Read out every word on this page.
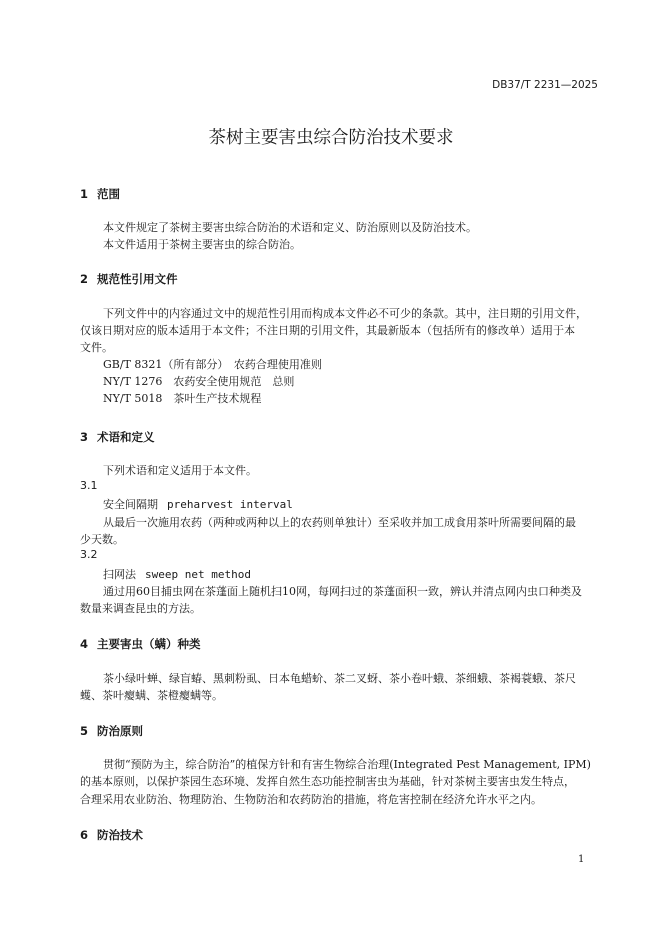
DB37/T 2231—2025
茶树主要害虫综合防治技术要求
1 范围
本文件规定了茶树主要害虫综合防治的术语和定义、防治原则以及防治技术。
本文件适用于茶树主要害虫的综合防治。
2 规范性引用文件
下列文件中的内容通过文中的规范性引用而构成本文件必不可少的条款。其中，注日期的引用文件，
仅该日期对应的版本适用于本文件；不注日期的引用文件，其最新版本（包括所有的修改单）适用于本
文件。
GB/T 8321（所有部分）　农药合理使用准则
NY/T 1276　农药安全使用规范　总则
NY/T 5018　茶叶生产技术规程
3 术语和定义
下列术语和定义适用于本文件。
3.1
安全间隔期 preharvest interval
从最后一次施用农药（两种或两种以上的农药则单独计）至采收并加工成食用茶叶所需要间隔的最
少天数。
3.2
扫网法 sweep net method
通过用60目捕虫网在茶蓬面上随机扫10网，每网扫过的茶蓬面积一致，辨认并清点网内虫口种类及
数量来调查昆虫的方法。
4 主要害虫（螨）种类
茶小绿叶蝉、绿盲蝽、黑刺粉虱、日本龟蜡蚧、茶二叉蚜、茶小卷叶蛾、茶细蛾、茶褐蓑蛾、茶尺
蠖、茶叶瘿螨、茶橙瘿螨等。
5 防治原则
贯彻“预防为主，综合防治”的植保方针和有害生物综合治理(Integrated Pest Management, IPM)
的基本原则，以保护茶园生态环境、发挥自然生态功能控制害虫为基础，针对茶树主要害虫发生特点，
合理采用农业防治、物理防治、生物防治和农药防治的措施，将危害控制在经济允许水平之内。
6 防治技术
1
